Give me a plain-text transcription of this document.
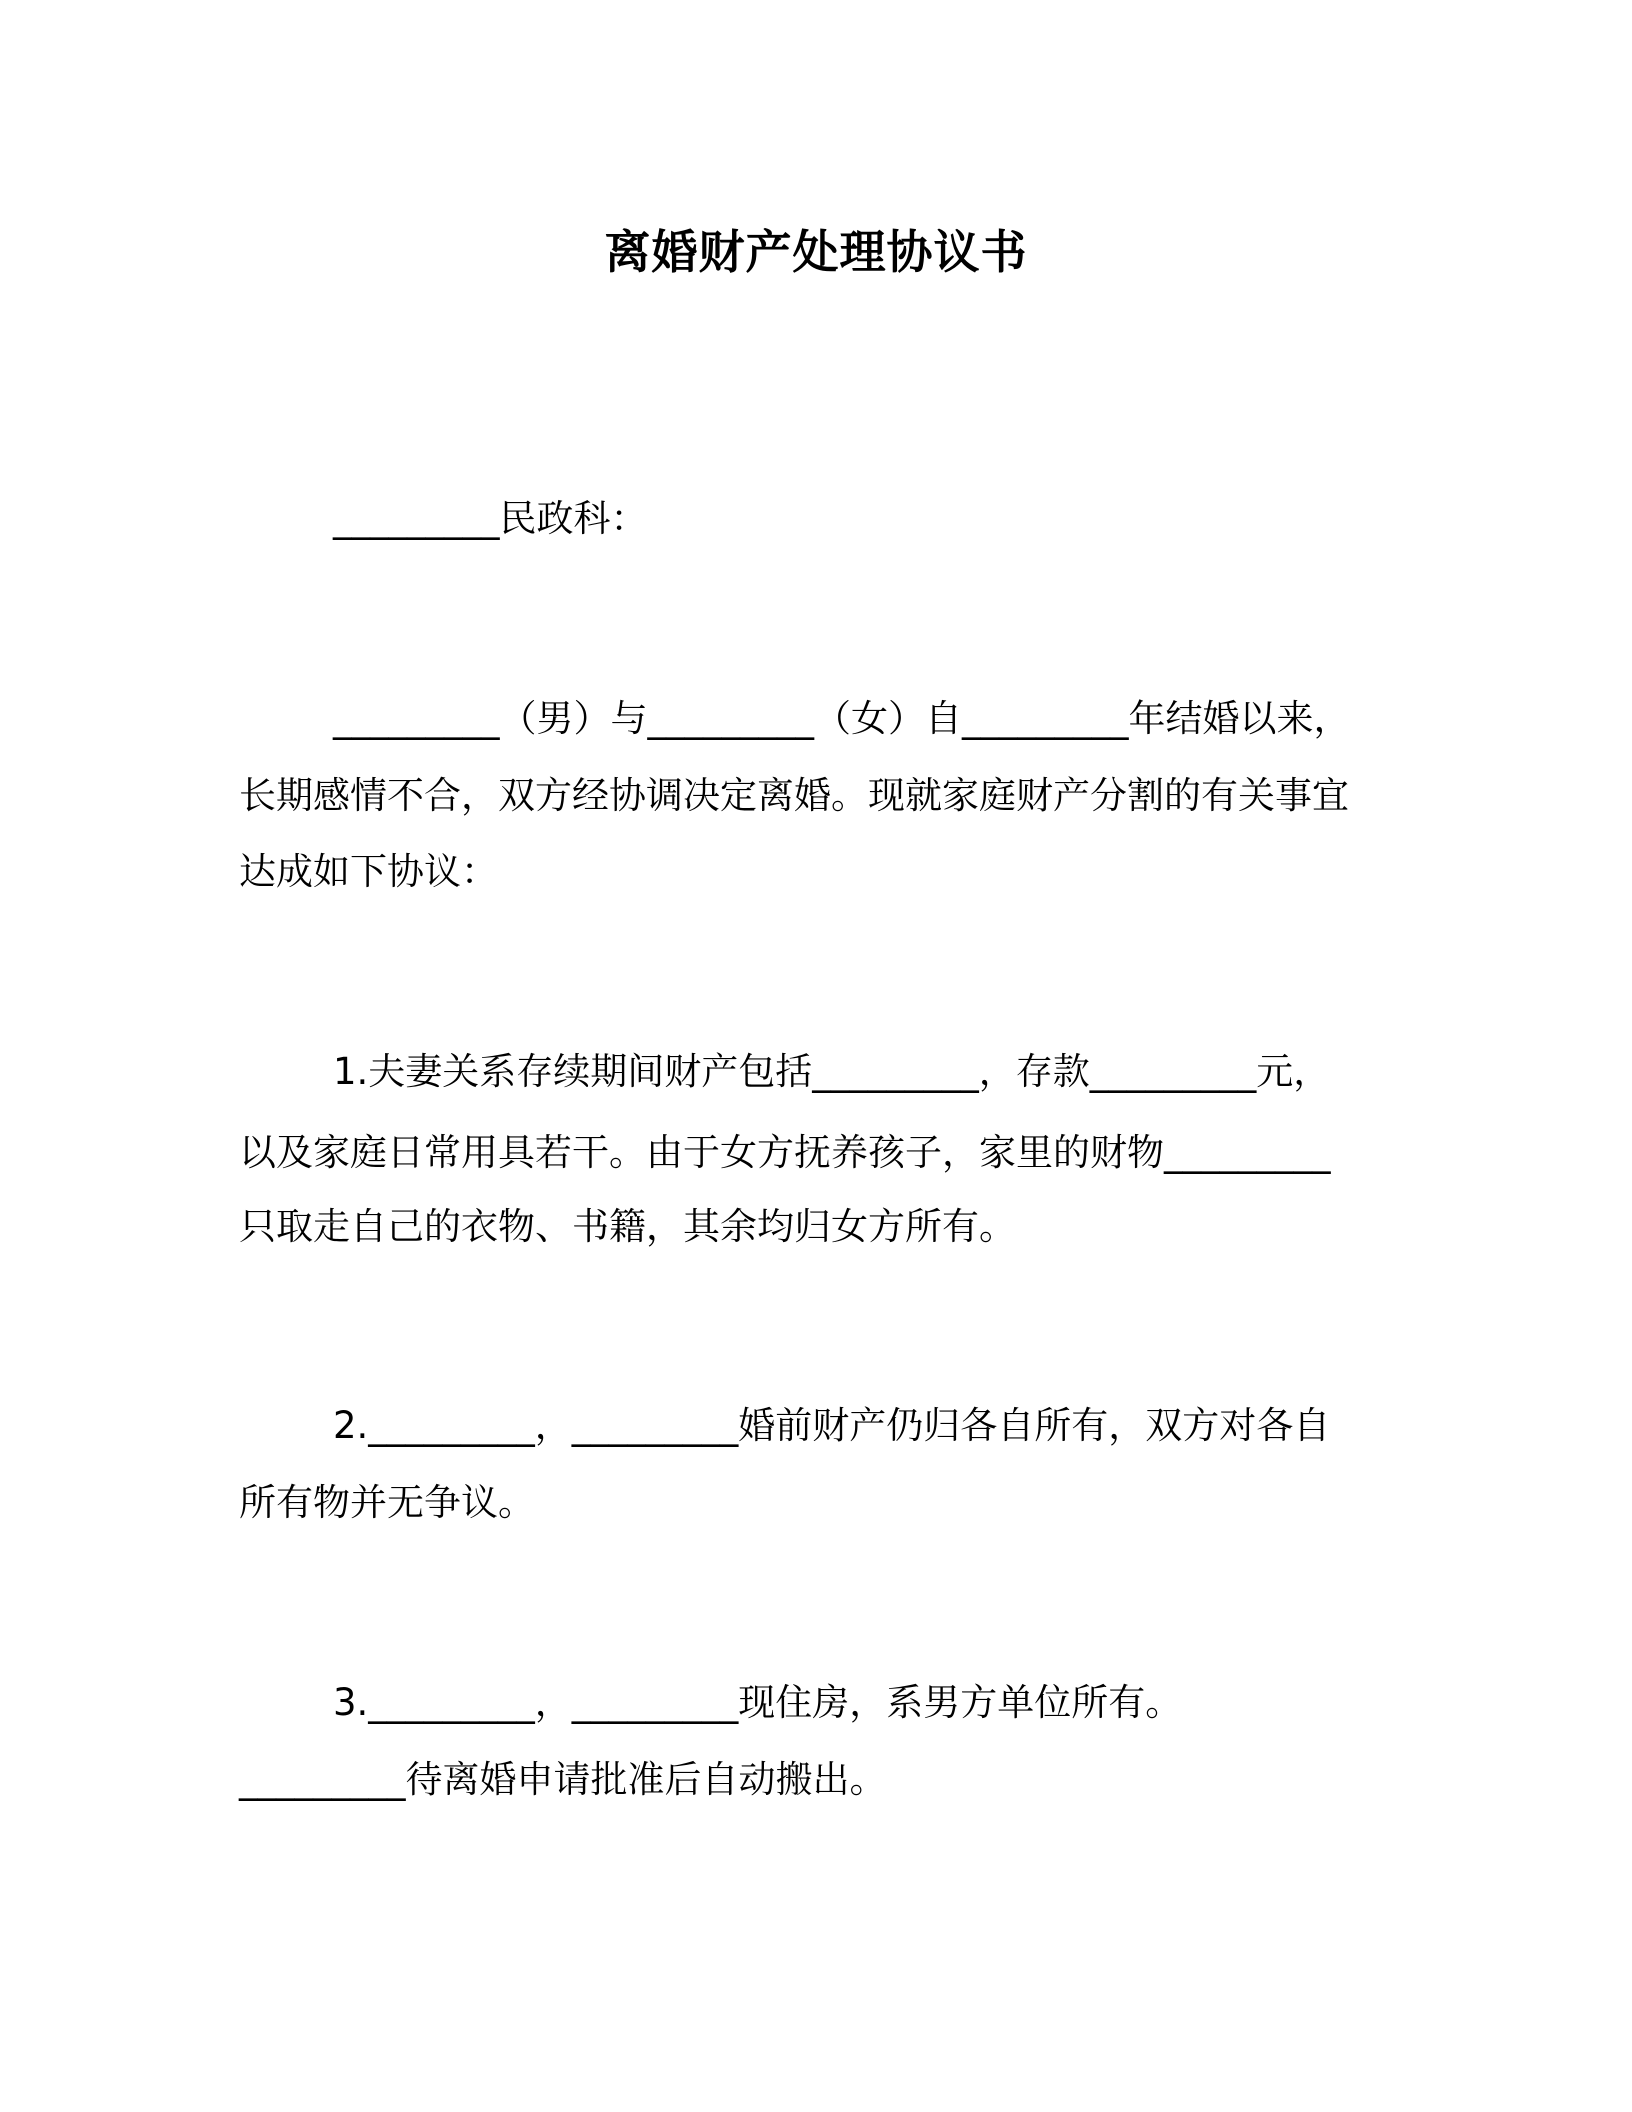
离婚财产处理协议书

_________民政科：

_________（男）与_________（女）自_________年结婚以来，

长期感情不合，双方经协调决定离婚。现就家庭财产分割的有关事宜

达成如下协议：

1.夫妻关系存续期间财产包括_________，存款_________元，

以及家庭日常用具若干。由于女方抚养孩子，家里的财物_________

只取走自己的衣物、书籍，其余均归女方所有。

2._________，_________婚前财产仍归各自所有，双方对各自

所有物并无争议。

3._________，_________现住房，系男方单位所有。

_________待离婚申请批准后自动搬出。
